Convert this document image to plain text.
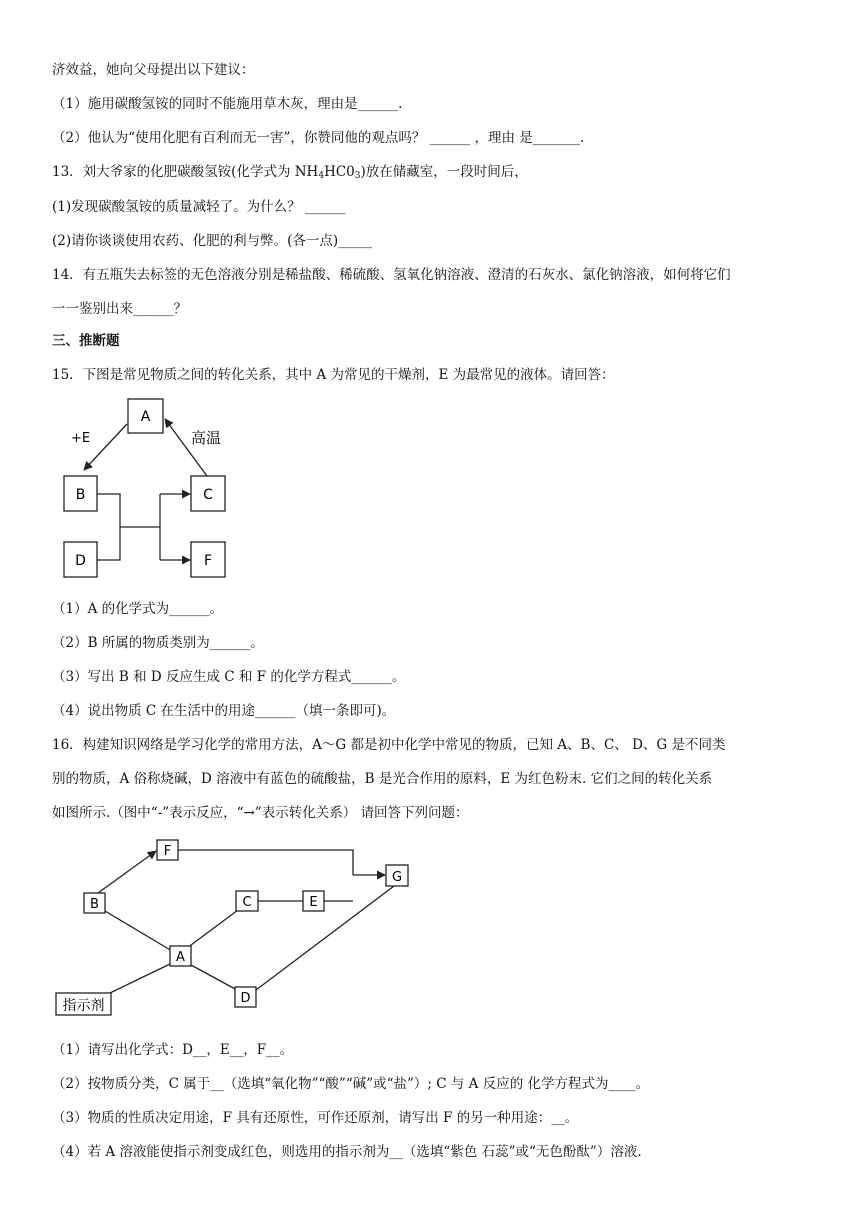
济效益，她向父母提出以下建议：
（1）施用碳酸氢铵的同时不能施用草木灰，理由是______.
（2）他认为“使用化肥有百利而无一害”，你赞同他的观点吗？ ______ ，理由 是_______.
13．刘大爷家的化肥碳酸氢铵(化学式为 $NH_4HC0_3$)放在储藏室，一段时间后，
(1)发现碳酸氢铵的质量减轻了。为什么？ ______
(2)请你谈谈使用农药、化肥的利与弊。(各一点)_____
14．有五瓶失去标签的无色溶液分别是稀盐酸、稀硫酸、氢氧化钠溶液、澄清的石灰水、氯化钠溶液，如何将它们
一一鉴别出来______？
三、推断题
15．下图是常见物质之间的转化关系，其中 A 为常见的干燥剂，E 为最常见的液体。请回答：
A
B	C
D	F
+E	高温
（1）A 的化学式为______。
（2）B 所属的物质类别为______。
（3）写出 B 和 D 反应生成 C 和 F 的化学方程式______。
（4）说出物质 C 在生活中的用途______（填一条即可)。
16．构建知识网络是学习化学的常用方法，A～G 都是初中化学中常见的物质，已知 A、B、C、 D、G 是不同类
别的物质，A 俗称烧碱，D 溶液中有蓝色的硫酸盐，B 是光合作用的原料，E 为红色粉末. 它们之间的转化关系
如图所示.（图中“-”表示反应，“→”表示转化关系） 请回答下列问题：
F
B	C	E
G
A
D
指示剂
（1）请写出化学式：D__，E__，F__。
（2）按物质分类，C 属于__（选填“氧化物”“酸”“碱”或“盐”）; C 与 A 反应的 化学方程式为____。
（3）物质的性质决定用途，F 具有还原性，可作还原剂，请写出 F 的另一种用途：__。
（4）若 A 溶液能使指示剂变成红色，则选用的指示剂为__（选填“紫色 石蕊”或“无色酚酞”）溶液.
